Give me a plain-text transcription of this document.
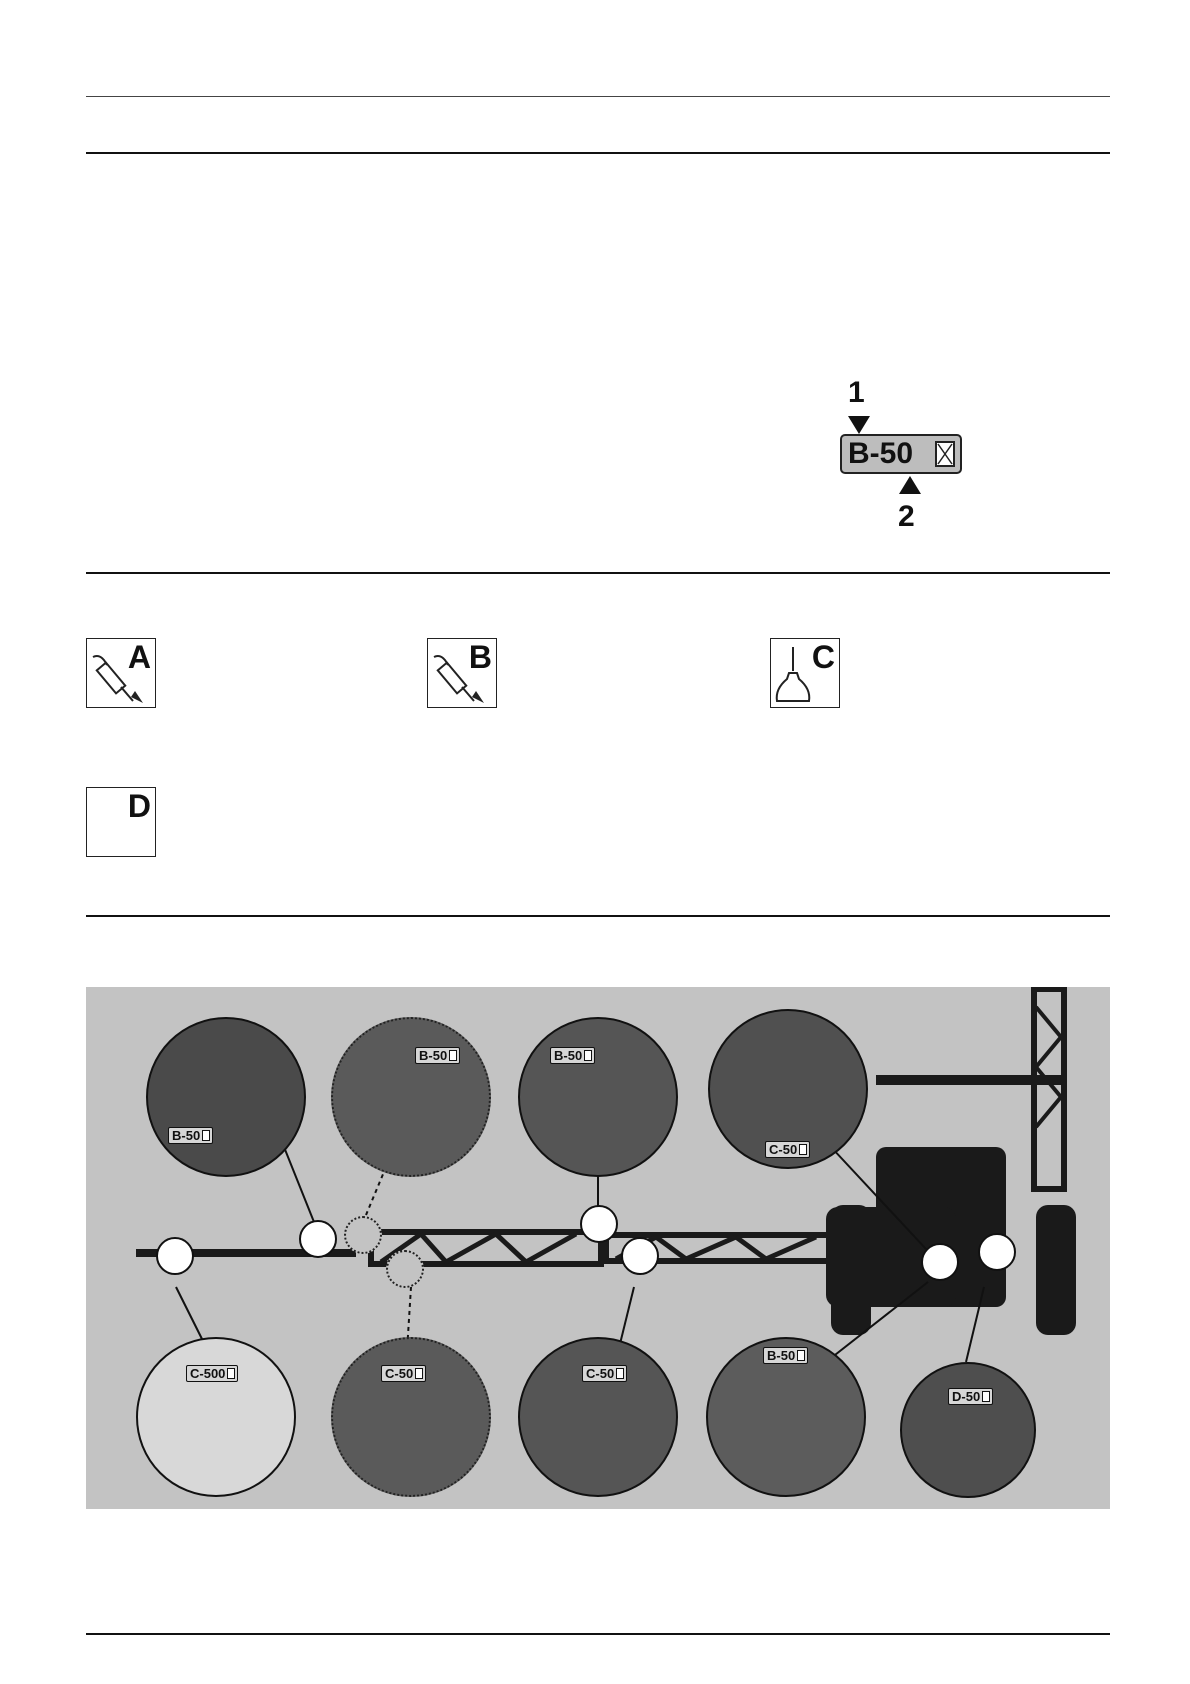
1
B-50
2
A	B	C
D
B-50
B-50	B-50
C-50
C-500	C-50	C-50
B-50
D-50
